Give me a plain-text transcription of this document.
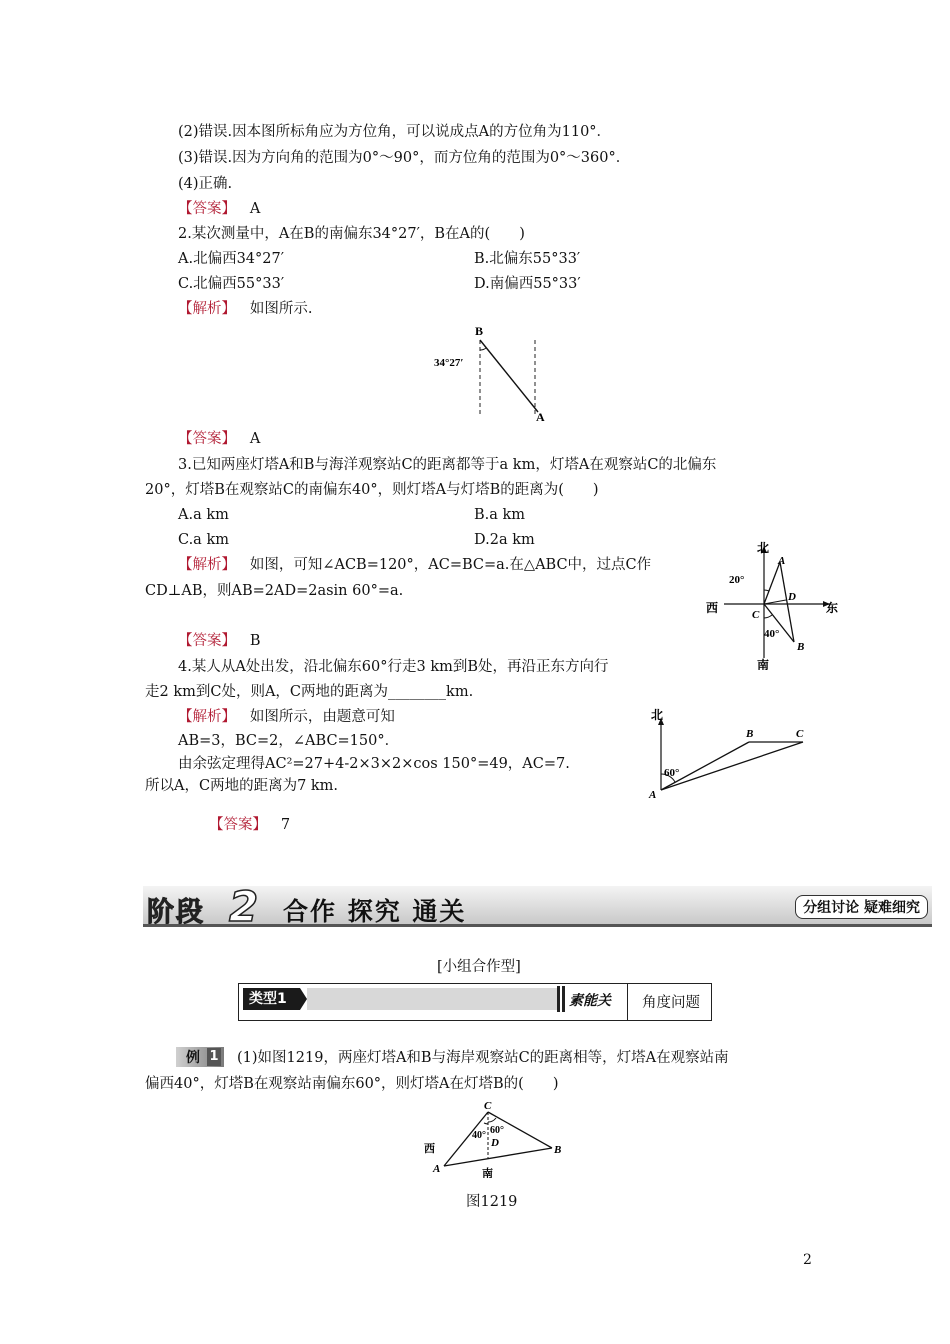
(2)错误.因本图所标角应为方位角，可以说成点A的方位角为110°．
(3)错误.因为方向角的范围为0°～90°，而方位角的范围为0°～360°．
(4)正确.
【答案】 A
2.某次测量中，A在B的南偏东34°27′，B在A的(　　)
A.北偏西34°27′	B.北偏东55°33′
C.北偏西55°33′	D.南偏西55°33′
【解析】 如图所示.
B
A
34°27′
【答案】 A
3.已知两座灯塔A和B与海洋观察站C的距离都等于a km，灯塔A在观察站C的北偏东
20°，灯塔B在观察站C的南偏东40°，则灯塔A与灯塔B的距离为(　　)
A.a km	B.a km
C.a km	D.2a km
【解析】 如图，可知∠ACB=120°，AC=BC=a.在△ABC中，过点C作
CD⊥AB，则AB=2AD=2asin 60°=a.
北
南
东
西
A
B
C
D
20°
40°
【答案】 B
4.某人从A处出发，沿北偏东60°行走3 km到B处，再沿正东方向行
走2 km到C处，则A，C两地的距离为________km.
【解析】 如图所示，由题意可知
AB=3，BC=2，∠ABC=150°．
由余弦定理得AC²=27+4-2×3×2×cos 150°=49，AC=7.
所以A，C两地的距离为7 km.
北
A
B	C
60°
【答案】 7
阶段 2 合作 探究 通关	分组讨论 疑难细究
[小组合作型]
类型1	素能关 角度问题
例 1 (1)如图1219，两座灯塔A和B与海岸观察站C的距离相等，灯塔A在观察站南
偏西40°，灯塔B在观察站南偏东60°，则灯塔A在灯塔B的(　　)
C
西
南
A
B
D
40° 60°
图1219
2
